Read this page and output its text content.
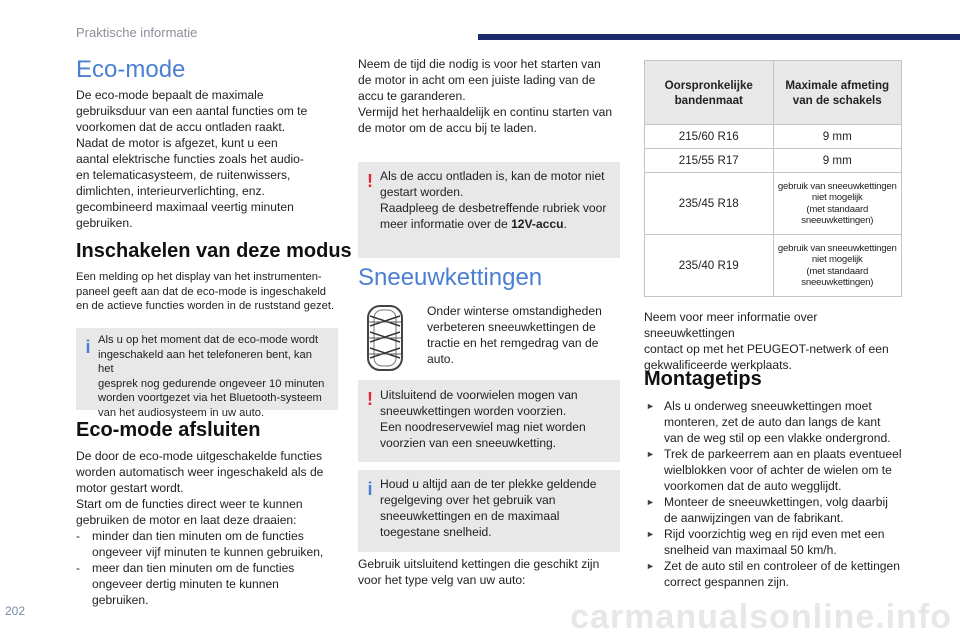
Praktische informatie
202	carmanualsonline.info
Eco-mode

De eco-mode bepaalt de maximale
gebruiksduur van een aantal functies om te
voorkomen dat de accu ontladen raakt.
Nadat de motor is afgezet, kunt u een
aantal elektrische functies zoals het audio-
en telematicasysteem, de ruitenwissers,
dimlichten, interieurverlichting, enz.
gecombineerd maximaal veertig minuten
gebruiken.

Inschakelen van deze modus

Een melding op het display van het instrumenten-
paneel geeft aan dat de eco-mode is ingeschakeld
en de actieve functies worden in de ruststand gezet.

i Als u op het moment dat de eco-mode wordt
ingeschakeld aan het telefoneren bent, kan het
gesprek nog gedurende ongeveer 10 minuten
worden voortgezet via het Bluetooth-systeem
van het audiosysteem in uw auto.

Eco-mode afsluiten

De door de eco-mode uitgeschakelde functies
worden automatisch weer ingeschakeld als de
motor gestart wordt.
Start om de functies direct weer te kunnen
gebruiken de motor en laat deze draaien:

- minder dan tien minuten om de functies
ongeveer vijf minuten te kunnen gebruiken,
- meer dan tien minuten om de functies
ongeveer dertig minuten te kunnen
gebruiken.

Neem de tijd die nodig is voor het starten van
de motor in acht om een juiste lading van de
accu te garanderen.
Vermijd het herhaaldelijk en continu starten van
de motor om de accu bij te laden.

! Als de accu ontladen is, kan de motor niet
gestart worden.
Raadpleeg de desbetreffende rubriek voor
meer informatie over de 12V-accu.

Sneeuwkettingen

Onder winterse omstandigheden
verbeteren sneeuwkettingen de
tractie en het remgedrag van de
auto.

! Uitsluitend de voorwielen mogen van
sneeuwkettingen worden voorzien.
Een noodreservewiel mag niet worden
voorzien van een sneeuwketting.

i Houd u altijd aan de ter plekke geldende
regelgeving over het gebruik van
sneeuwkettingen en de maximaal
toegestane snelheid.

Gebruik uitsluitend kettingen die geschikt zijn
voor het type velg van uw auto:

Oorspronkelijke
bandenmaat	Maximale afmeting
van de schakels
215/60 R16	9 mm
215/55 R17	9 mm
235/45 R18	gebruik van sneeuwkettingen
niet mogelijk
(met standaard
sneeuwkettingen)
235/40 R19	gebruik van sneeuwkettingen
niet mogelijk
(met standaard
sneeuwkettingen)

Neem voor meer informatie over sneeuwkettingen
contact op met het PEUGEOT-netwerk of een
gekwalificeerde werkplaats.

Montagetips
► Als u onderweg sneeuwkettingen moet
monteren, zet de auto dan langs de kant
van de weg stil op een vlakke ondergrond.
► Trek de parkeerrem aan en plaats eventueel
wielblokken voor of achter de wielen om te
voorkomen dat de auto wegglijdt.
► Monteer de sneeuwkettingen, volg daarbij
de aanwijzingen van de fabrikant.
► Rijd voorzichtig weg en rijd even met een
snelheid van maximaal 50 km/h.
► Zet de auto stil en controleer of de kettingen
correct gespannen zijn.
